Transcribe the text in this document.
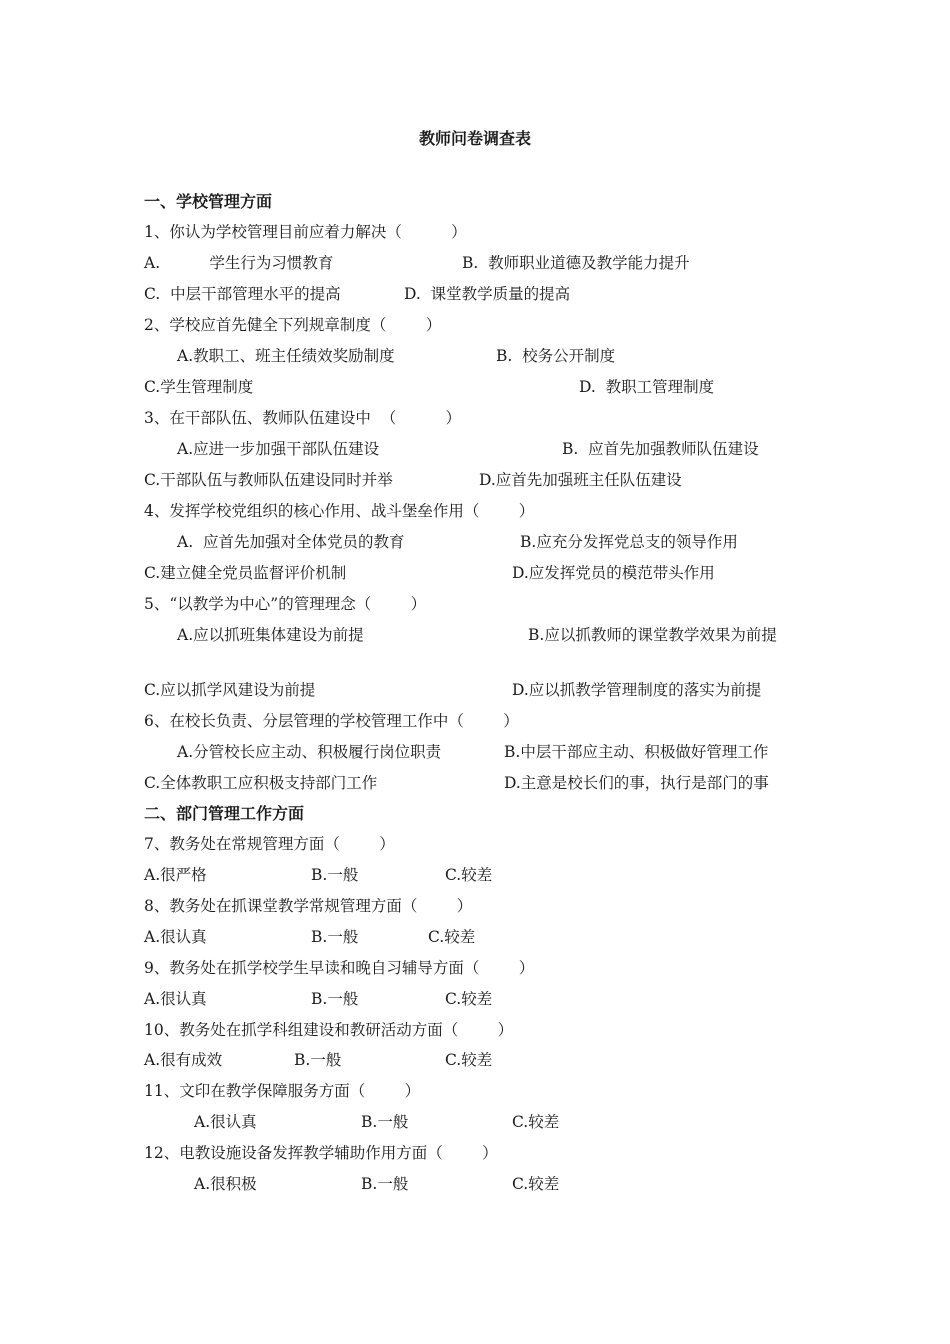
教师问卷调查表
一、学校管理方面
1、你认为学校管理目前应着力解决（          ）
A.          学生行为习惯教育	B.  教师职业道德及教学能力提升
C.  中层干部管理水平的提高	D.  课堂教学质量的提高
2、学校应首先健全下列规章制度（        ）
A.教职工、班主任绩效奖励制度	B.  校务公开制度
C.学生管理制度	D.  教职工管理制度
3、在干部队伍、教师队伍建设中  （          ）
A.应进一步加强干部队伍建设	B.  应首先加强教师队伍建设
C.干部队伍与教师队伍建设同时并举	D.应首先加强班主任队伍建设
4、发挥学校党组织的核心作用、战斗堡垒作用（        ）
A.  应首先加强对全体党员的教育	B.应充分发挥党总支的领导作用
C.建立健全党员监督评价机制	D.应发挥党员的模范带头作用
5、“以教学为中心”的管理理念（        ）
A.应以抓班集体建设为前提	B.应以抓教师的课堂教学效果为前提
C.应以抓学风建设为前提	D.应以抓教学管理制度的落实为前提
6、在校长负责、分层管理的学校管理工作中（        ）
A.分管校长应主动、积极履行岗位职责	B.中层干部应主动、积极做好管理工作
C.全体教职工应积极支持部门工作	D.主意是校长们的事，执行是部门的事
二、部门管理工作方面
7、教务处在常规管理方面（        ）
A.很严格	B.一般	C.较差
8、教务处在抓课堂教学常规管理方面（        ）
A.很认真	B.一般	C.较差
9、教务处在抓学校学生早读和晚自习辅导方面（        ）
A.很认真	B.一般	C.较差
10、教务处在抓学科组建设和教研活动方面（        ）
A.很有成效	B.一般	C.较差
11、文印在教学保障服务方面（        ）
A.很认真	B.一般	C.较差
12、电教设施设备发挥教学辅助作用方面（        ）
A.很积极	B.一般	C.较差
